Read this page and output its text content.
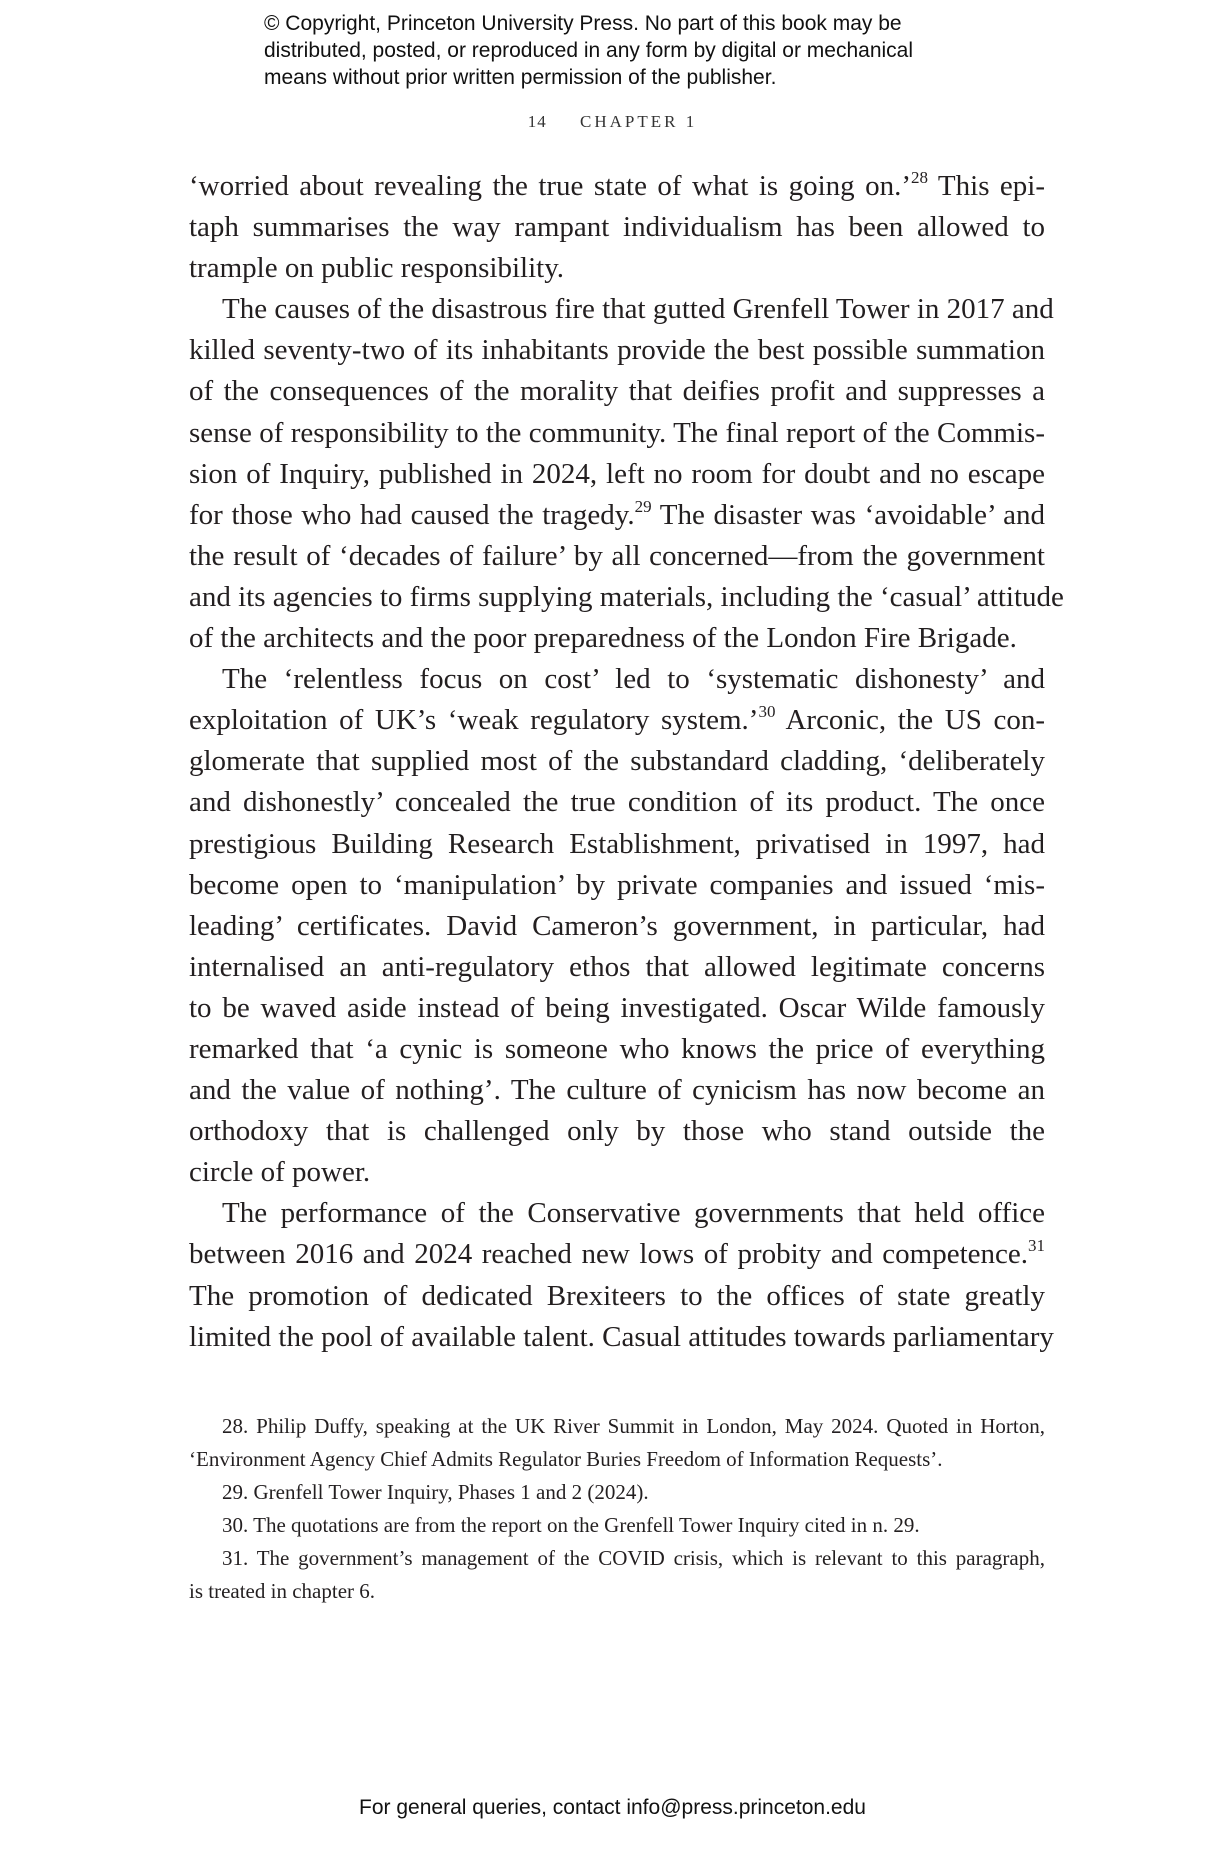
© Copyright, Princeton University Press. No part of this book may be
distributed, posted, or reproduced in any form by digital or mechanical
means without prior written permission of the publisher.
14 CHAPTER 1
‘worried about revealing the true state of what is going on.’$^{28}$ This epi-
taph summarises the way rampant individualism has been allowed to
trample on public responsibility.
The causes of the disastrous fire that gutted Grenfell Tower in 2017 and
killed seventy-two of its inhabitants provide the best possible summation
of the consequences of the morality that deifies profit and suppresses a
sense of responsibility to the community. The final report of the Commis-
sion of Inquiry, published in 2024, left no room for doubt and no escape
for those who had caused the tragedy.$^{29}$ The disaster was ‘avoidable’ and
the result of ‘decades of failure’ by all concerned—from the government
and its agencies to firms supplying materials, including the ‘casual’ attitude
of the architects and the poor preparedness of the London Fire Brigade.
The ‘relentless focus on cost’ led to ‘systematic dishonesty’ and
exploitation of UK’s ‘weak regulatory system.’$^{30}$ Arconic, the US con-
glomerate that supplied most of the substandard cladding, ‘deliberately
and dishonestly’ concealed the true condition of its product. The once
prestigious Building Research Establishment, privatised in 1997, had
become open to ‘manipulation’ by private companies and issued ‘mis-
leading’ certificates. David Cameron’s government, in particular, had
internalised an anti-regulatory ethos that allowed legitimate concerns
to be waved aside instead of being investigated. Oscar Wilde famously
remarked that ‘a cynic is someone who knows the price of everything
and the value of nothing’. The culture of cynicism has now become an
orthodoxy that is challenged only by those who stand outside the
circle of power.
The performance of the Conservative governments that held office
between 2016 and 2024 reached new lows of probity and competence.$^{31}$
The promotion of dedicated Brexiteers to the offices of state greatly
limited the pool of available talent. Casual attitudes towards parliamentary
28. Philip Duffy, speaking at the UK River Summit in London, May 2024. Quoted in Horton,
‘Environment Agency Chief Admits Regulator Buries Freedom of Information Requests’.
29. Grenfell Tower Inquiry, Phases 1 and 2 (2024).
30. The quotations are from the report on the Grenfell Tower Inquiry cited in n. 29.
31. The government’s management of the COVID crisis, which is relevant to this paragraph,
is treated in chapter 6.
For general queries, contact info@press.princeton.edu
